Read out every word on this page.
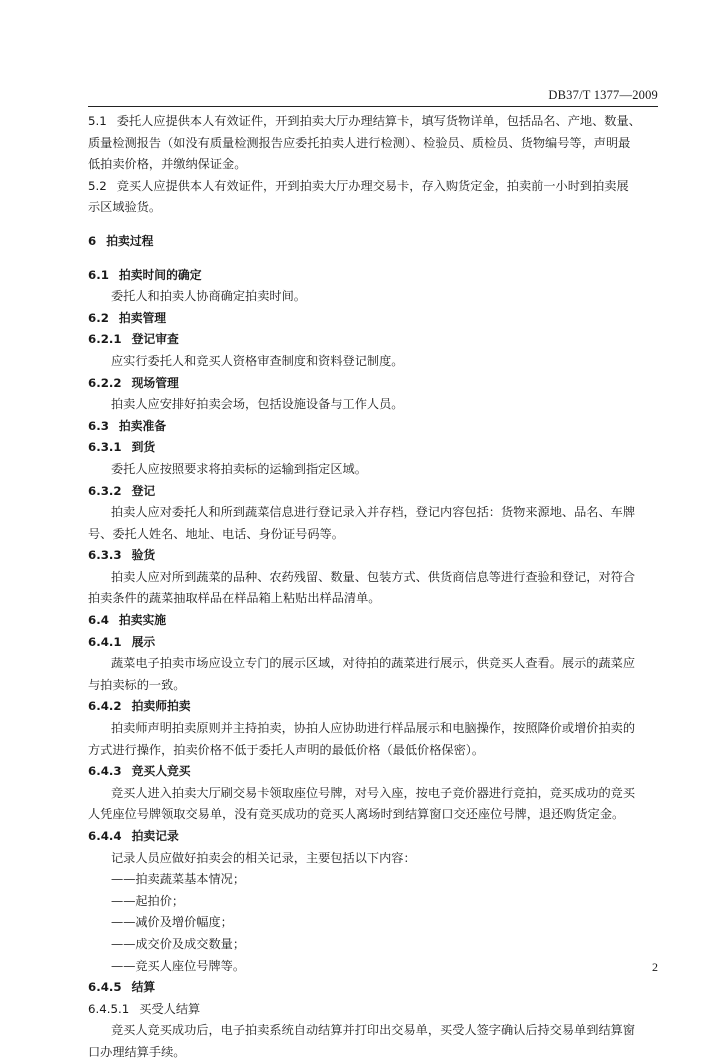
DB37/T 1377—2009
5.1 委托人应提供本人有效证件，开到拍卖大厅办理结算卡，填写货物详单，包括品名、产地、数量、
质量检测报告（如没有质量检测报告应委托拍卖人进行检测）、检验员、质检员、货物编号等，声明最
低拍卖价格，并缴纳保证金。
5.2 竞买人应提供本人有效证件，开到拍卖大厅办理交易卡，存入购货定金，拍卖前一小时到拍卖展
示区域验货。
6 拍卖过程
6.1 拍卖时间的确定
委托人和拍卖人协商确定拍卖时间。
6.2 拍卖管理
6.2.1 登记审查
应实行委托人和竞买人资格审查制度和资料登记制度。
6.2.2 现场管理
拍卖人应安排好拍卖会场，包括设施设备与工作人员。
6.3 拍卖准备
6.3.1 到货
委托人应按照要求将拍卖标的运输到指定区域。
6.3.2 登记
拍卖人应对委托人和所到蔬菜信息进行登记录入并存档，登记内容包括：货物来源地、品名、车牌
号、委托人姓名、地址、电话、身份证号码等。
6.3.3 验货
拍卖人应对所到蔬菜的品种、农药残留、数量、包装方式、供货商信息等进行查验和登记，对符合
拍卖条件的蔬菜抽取样品在样品箱上粘贴出样品清单。
6.4 拍卖实施
6.4.1 展示
蔬菜电子拍卖市场应设立专门的展示区域，对待拍的蔬菜进行展示，供竞买人查看。展示的蔬菜应
与拍卖标的一致。
6.4.2 拍卖师拍卖
拍卖师声明拍卖原则并主持拍卖，协拍人应协助进行样品展示和电脑操作，按照降价或增价拍卖的
方式进行操作，拍卖价格不低于委托人声明的最低价格（最低价格保密）。
6.4.3 竞买人竞买
竞买人进入拍卖大厅刷交易卡领取座位号牌，对号入座，按电子竞价器进行竞拍，竞买成功的竞买
人凭座位号牌领取交易单，没有竞买成功的竞买人离场时到结算窗口交还座位号牌，退还购货定金。
6.4.4 拍卖记录
记录人员应做好拍卖会的相关记录，主要包括以下内容：
——拍卖蔬菜基本情况；
——起拍价；
——减价及增价幅度；
——成交价及成交数量；
——竞买人座位号牌等。
6.4.5 结算
6.4.5.1 买受人结算
竞买人竞买成功后，电子拍卖系统自动结算并打印出交易单，买受人签字确认后持交易单到结算窗
口办理结算手续。
2
